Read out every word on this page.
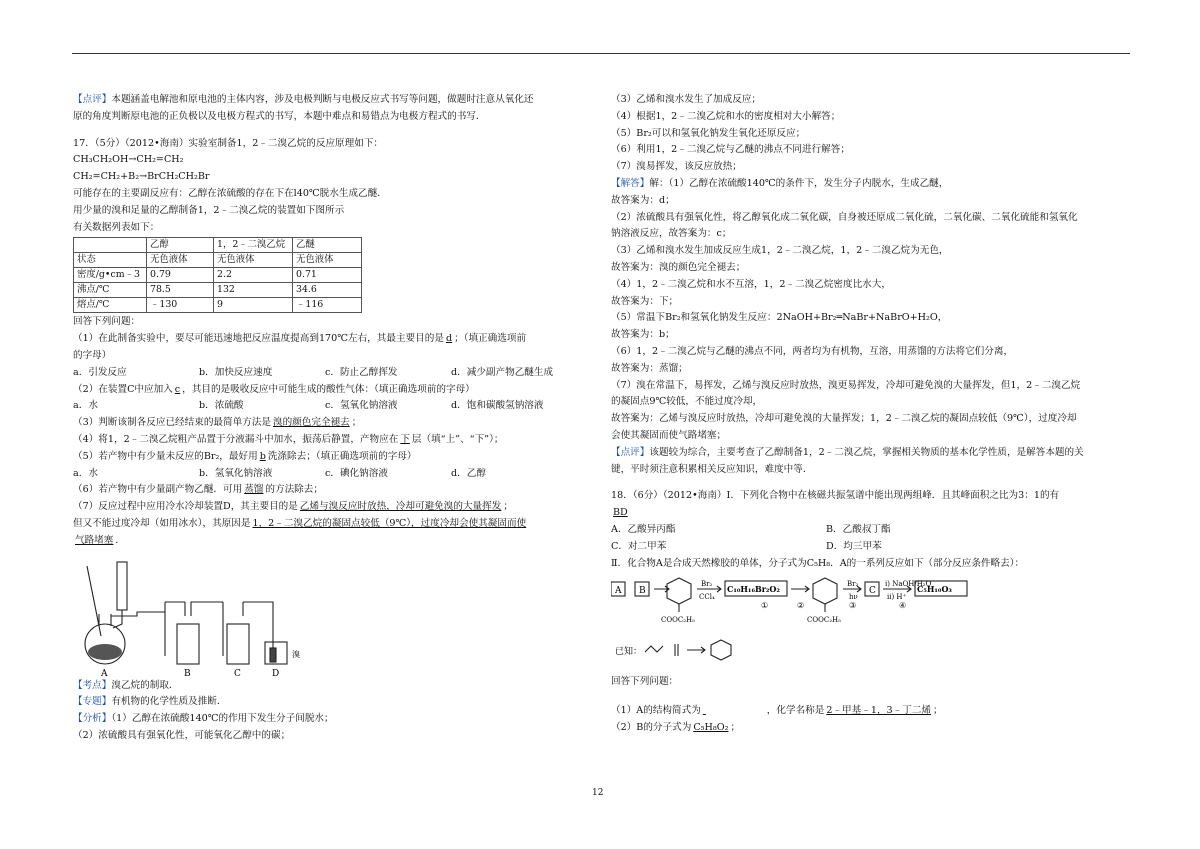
【点评】本题涵盖电解池和原电池的主体内容，涉及电极判断与电极反应式书写等问题，做题时注意从氧化还
原的角度判断原电池的正负极以及电极方程式的书写，本题中难点和易错点为电极方程式的书写．
17．（5分）（2012•海南）实验室制备1，2﹣二溴乙烷的反应原理如下：
CH₃CH₂OH→CH₂=CH₂
CH₂=CH₂+B₂→BrCH₂CH₂Br
可能存在的主要副反应有：乙醇在浓硫酸的存在下在l40℃脱水生成乙醚．
用少量的溴和足量的乙醇制备1，2﹣二溴乙烷的装置如下图所示
有关数据列表如下：
	乙醇	1，2﹣二溴乙烷	乙醚
状态	无色液体	无色液体	无色液体
密度/g•cm﹣3	0.79	2.2	0.71
沸点/℃	78.5	132	34.6
熔点/℃	﹣130	9	﹣116
回答下列问题：
（1）在此制备实验中，要尽可能迅速地把反应温度提高到170℃左右，其最主要目的是 d ；（填正确选项前
的字母）
a．引发反应	b．加快反应速度	c．防止乙醇挥发	d．减少副产物乙醚生成
（2）在装置C中应加入 c ，其目的是吸收反应中可能生成的酸性气体：（填正确选项前的字母）
a．水	b．浓硫酸	c．氢氧化钠溶液	d．饱和碳酸氢钠溶液
（3）判断该制各反应已经结束的最简单方法是 溴的颜色完全褪去 ；
（4）将1，2﹣二溴乙烷粗产品置于分液漏斗中加水，振荡后静置，产物应在 下 层（填“上”、“下”）；
（5）若产物中有少量未反应的Br₂，最好用 b 洗涤除去；（填正确选项前的字母）
a．水	b．氢氧化钠溶液	c．碘化钠溶液	d．乙醇
（6）若产物中有少量副产物乙醚．可用 蒸馏 的方法除去；
（7）反应过程中应用冷水冷却装置D，其主要目的是 乙烯与溴反应时放热，冷却可避免溴的大量挥发 ；
但又不能过度冷却（如用冰水），其原因是 1，2﹣二溴乙烷的凝固点较低（9℃），过度冷却会使其凝固而使
气路堵塞 ．
A	B	C	D
溴
【考点】溴乙烷的制取．
【专题】有机物的化学性质及推断．
【分析】（1）乙醇在浓硫酸140℃的作用下发生分子间脱水；
（2）浓硫酸具有强氧化性，可能氧化乙醇中的碳；
（3）乙烯和溴水发生了加成反应；
（4）根据1，2﹣二溴乙烷和水的密度相对大小解答；
（5）Br₂可以和氢氧化钠发生氧化还原反应；
（6）利用1，2﹣二溴乙烷与乙醚的沸点不同进行解答；
（7）溴易挥发，该反应放热；
【解答】解：（1）乙醇在浓硫酸140℃的条件下，发生分子内脱水，生成乙醚，
故答案为：d；
（2）浓硫酸具有强氧化性，将乙醇氧化成二氧化碳，自身被还原成二氧化硫，二氧化碳、二氧化硫能和氢氧化
钠溶液反应，故答案为：c；
（3）乙烯和溴水发生加成反应生成1，2﹣二溴乙烷，1，2﹣二溴乙烷为无色，
故答案为：溴的颜色完全褪去；
（4）1，2﹣二溴乙烷和水不互溶，1，2﹣二溴乙烷密度比水大，
故答案为：下；
（5）常温下Br₂和氢氧化钠发生反应：2NaOH+Br₂═NaBr+NaBrO+H₂O，
故答案为：b；
（6）1，2﹣二溴乙烷与乙醚的沸点不同，两者均为有机物，互溶，用蒸馏的方法将它们分离，
故答案为：蒸馏；
（7）溴在常温下，易挥发，乙烯与溴反应时放热，溴更易挥发，冷却可避免溴的大量挥发，但1，2﹣二溴乙烷
的凝固点9℃较低，不能过度冷却，
故答案为：乙烯与溴反应时放热，冷却可避免溴的大量挥发；1，2﹣二溴乙烷的凝固点较低（9℃），过度冷却
会使其凝固而使气路堵塞；
【点评】该题较为综合，主要考查了乙醇制备1，2﹣二溴乙烷，掌握相关物质的基本化学性质，是解答本题的关
键，平时须注意积累相关反应知识，难度中等．
18．（6分）（2012•海南）Ⅰ．下列化合物中在核磁共振氢谱中能出现两组峰．且其峰面积之比为3：1的有
BD
A．乙酸异丙酯	B．乙酸叔丁酯
C．对二甲苯	D．均三甲苯
Ⅱ．化合物A是合成天然橡胶的单体，分子式为C₅H₈．A的一系列反应如下（部分反应条件略去）：
A B	C₁₀H₁₆Br₂O₂	C	C₅H₁₀O₃
Br₂
CCl₄
Br₂
hν
i) NaOH/H₂O
ii) H⁺
①	②	③	④
COOC₂H₅	COOC₂H₅
已知：
回答下列问题：
（1）A的结构简式为	，化学名称是 2﹣甲基﹣1，3﹣丁二烯 ；
（2）B的分子式为 C₅H₈O₂ ；
12
